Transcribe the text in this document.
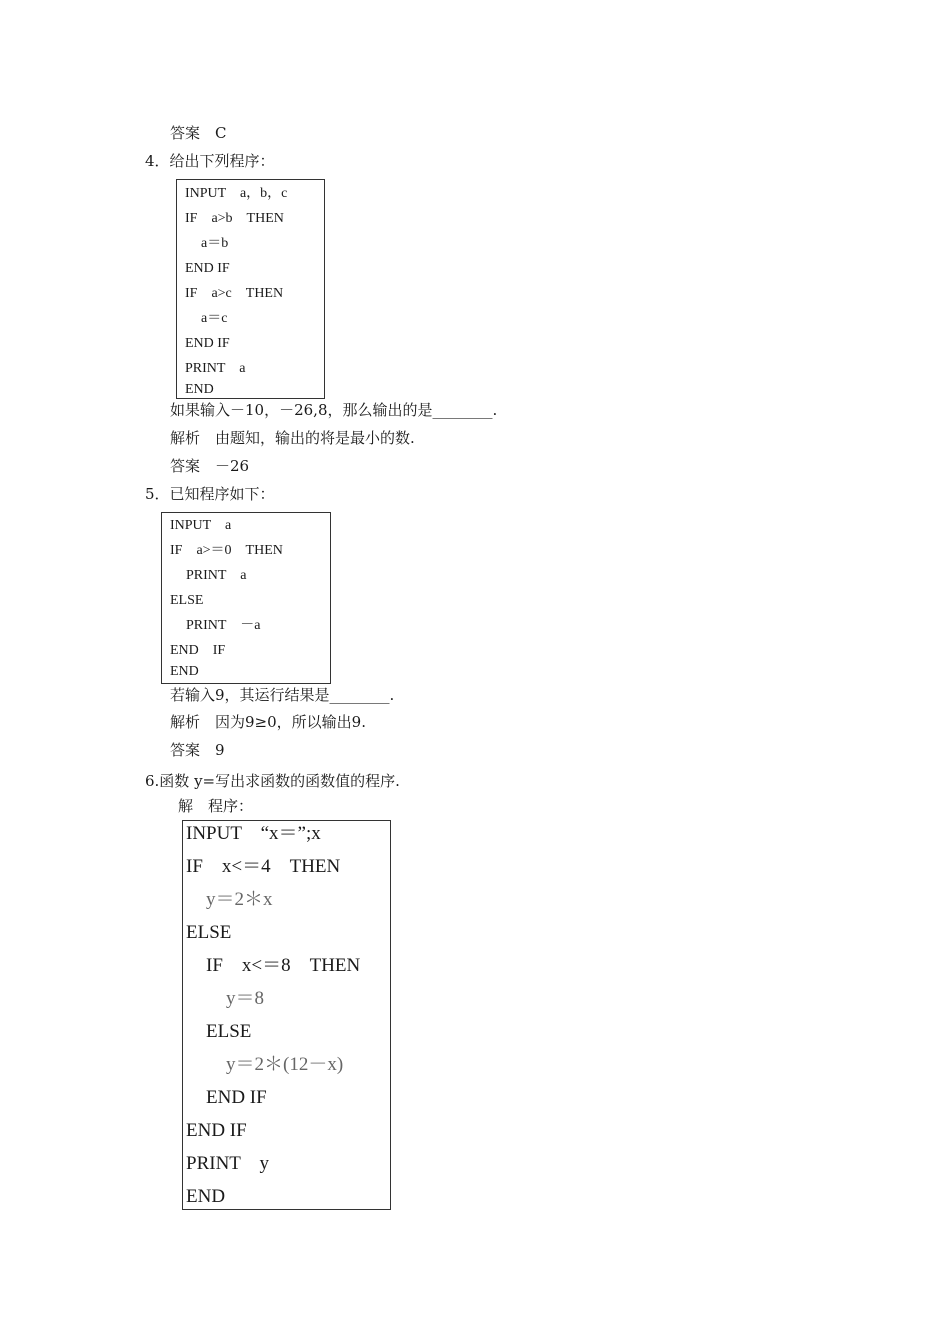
答案　C
4．给出下列程序：
INPUT　a，b，c
IF　a>b　THEN
a＝b
END IF
IF　a>c　THEN
a＝c
END IF
PRINT　a
END
如果输入－10，－26,8，那么输出的是________.
解析　由题知，输出的将是最小的数.
答案　－26
5．已知程序如下：
INPUT　a
IF　a>＝0　THEN
PRINT　a
ELSE
PRINT　－a
END　IF
END
若输入9，其运行结果是________.
解析　因为9≥0，所以输出9.
答案　9
6.函数 y=写出求函数的函数值的程序.
解　程序：
INPUT　“x＝”;x
IF　x<＝4　THEN
y＝2＊x
ELSE
IF　x<＝8　THEN
y＝8
ELSE
y＝2＊(12－x)
END IF
END IF
PRINT　y
END
